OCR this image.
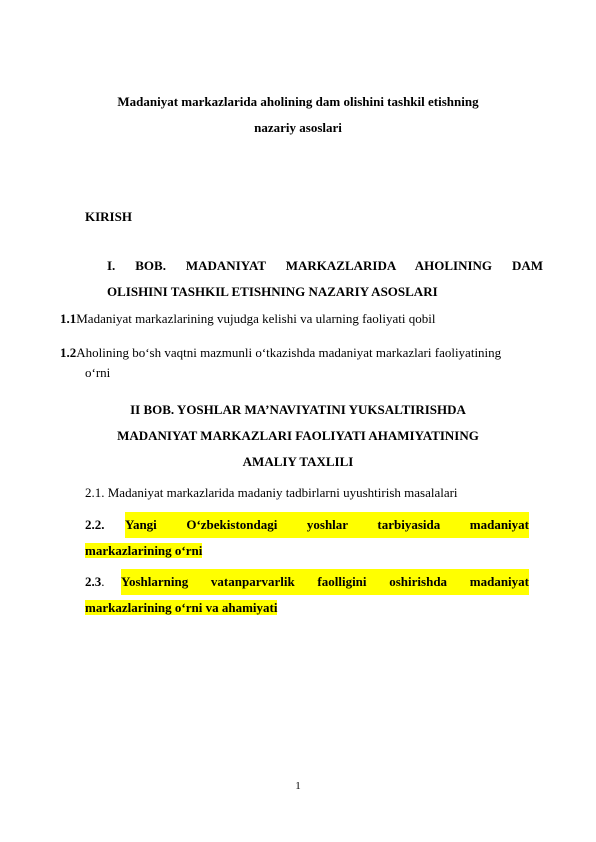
Madaniyat markazlarida aholining dam olishini tashkil etishning
nazariy asoslari
KIRISH
I. BOB. MADANIYAT MARKAZLARIDA AHOLINING DAM
OLISHINI TASHKIL ETISHNING NAZARIY ASOSLARI
1.1Madaniyat markazlarining vujudga kelishi va ularning faoliyati qobil
1.2Aholining bo‘sh vaqtni mazmunli o‘tkazishda madaniyat markazlari faoliyatining
o‘rni
II BOB. YOSHLAR MA’NAVIYATINI YUKSALTIRISHDA
MADANIYAT MARKAZLARI FAOLIYATI AHAMIYATINING
AMALIY TAXLILI
2.1. Madaniyat markazlarida madaniy tadbirlarni uyushtirish masalalari
2.2.	Yangi O‘zbekistondagi yoshlar tarbiyasida madaniyat
markazlarining o‘rni
2.3.	Yoshlarning vatanparvarlik faolligini oshirishda madaniyat
markazlarining o‘rni va ahamiyati
1
